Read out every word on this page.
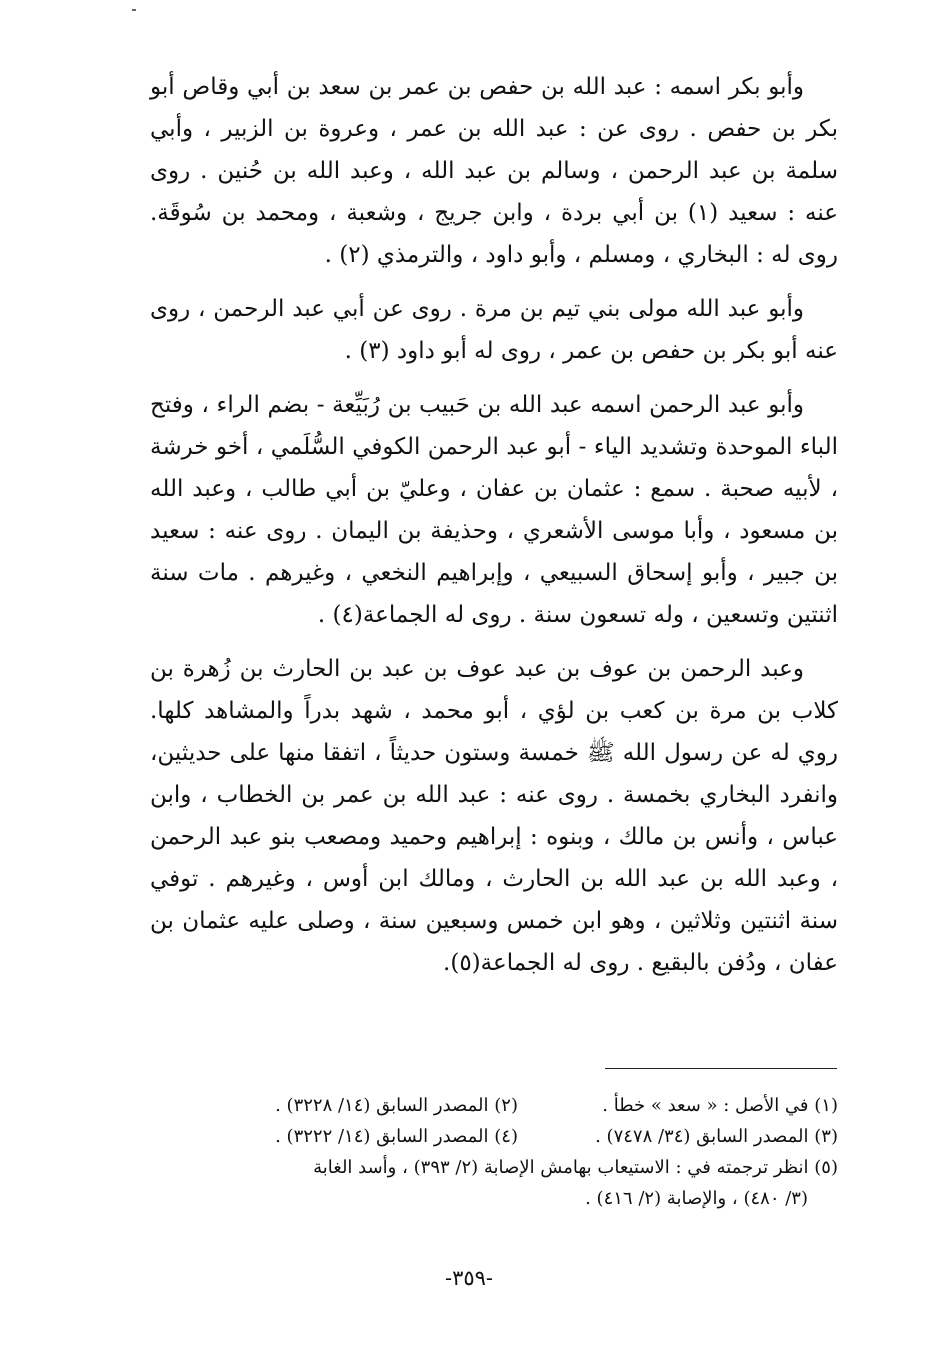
وأبو بكر اسمه : عبد الله بن حفص بن عمر بن سعد بن أبي وقاص أبو بكر بن حفص . روى عن : عبد الله بن عمر ، وعروة بن الزبير ، وأبي سلمة بن عبد الرحمن ، وسالم بن عبد الله ، وعبد الله بن حُنين . روى عنه : سعيد (١) بن أبي بردة ، وابن جريج ، وشعبة ، ومحمد بن سُوقَة. روى له : البخاري ، ومسلم ، وأبو داود ، والترمذي (٢) .

وأبو عبد الله مولى بني تيم بن مرة . روى عن أبي عبد الرحمن ، روى عنه أبو بكر بن حفص بن عمر ، روى له أبو داود (٣) .

وأبو عبد الرحمن اسمه عبد الله بن حَبيب بن رُبَيِّعة - بضم الراء ، وفتح الباء الموحدة وتشديد الياء - أبو عبد الرحمن الكوفي السُّلَمي ، أخو خرشة ، لأبيه صحبة . سمع : عثمان بن عفان ، وعليّ بن أبي طالب ، وعبد الله بن مسعود ، وأبا موسى الأشعري ، وحذيفة بن اليمان . روى عنه : سعيد بن جبير ، وأبو إسحاق السبيعي ، وإبراهيم النخعي ، وغيرهم . مات سنة اثنتين وتسعين ، وله تسعون سنة . روى له الجماعة(٤) .

وعبد الرحمن بن عوف بن عبد عوف بن عبد بن الحارث بن زُهرة بن كلاب بن مرة بن كعب بن لؤي ، أبو محمد ، شهد بدراً والمشاهد كلها. روي له عن رسول الله ﷺ خمسة وستون حديثاً ، اتفقا منها على حديثين، وانفرد البخاري بخمسة . روى عنه : عبد الله بن عمر بن الخطاب ، وابن عباس ، وأنس بن مالك ، وبنوه : إبراهيم وحميد ومصعب بنو عبد الرحمن ، وعبد الله بن عبد الله بن الحارث ، ومالك ابن أوس ، وغيرهم . توفي سنة اثنتين وثلاثين ، وهو ابن خمس وسبعين سنة ، وصلى عليه عثمان بن عفان ، ودُفن بالبقيع . روى له الجماعة(٥).

(١) في الأصل : « سعد » خطأ .
(٢) المصدر السابق (١٤/ ٣٢٢٨) .
(٣) المصدر السابق (٣٤/ ٧٤٧٨) .
(٤) المصدر السابق (١٤/ ٣٢٢٢) .
(٥) انظر ترجمته في : الاستيعاب بهامش الإصابة (٢/ ٣٩٣) ، وأسد الغابة
(٣/ ٤٨٠) ، والإصابة (٢/ ٤١٦) .
-٣٥٩-
